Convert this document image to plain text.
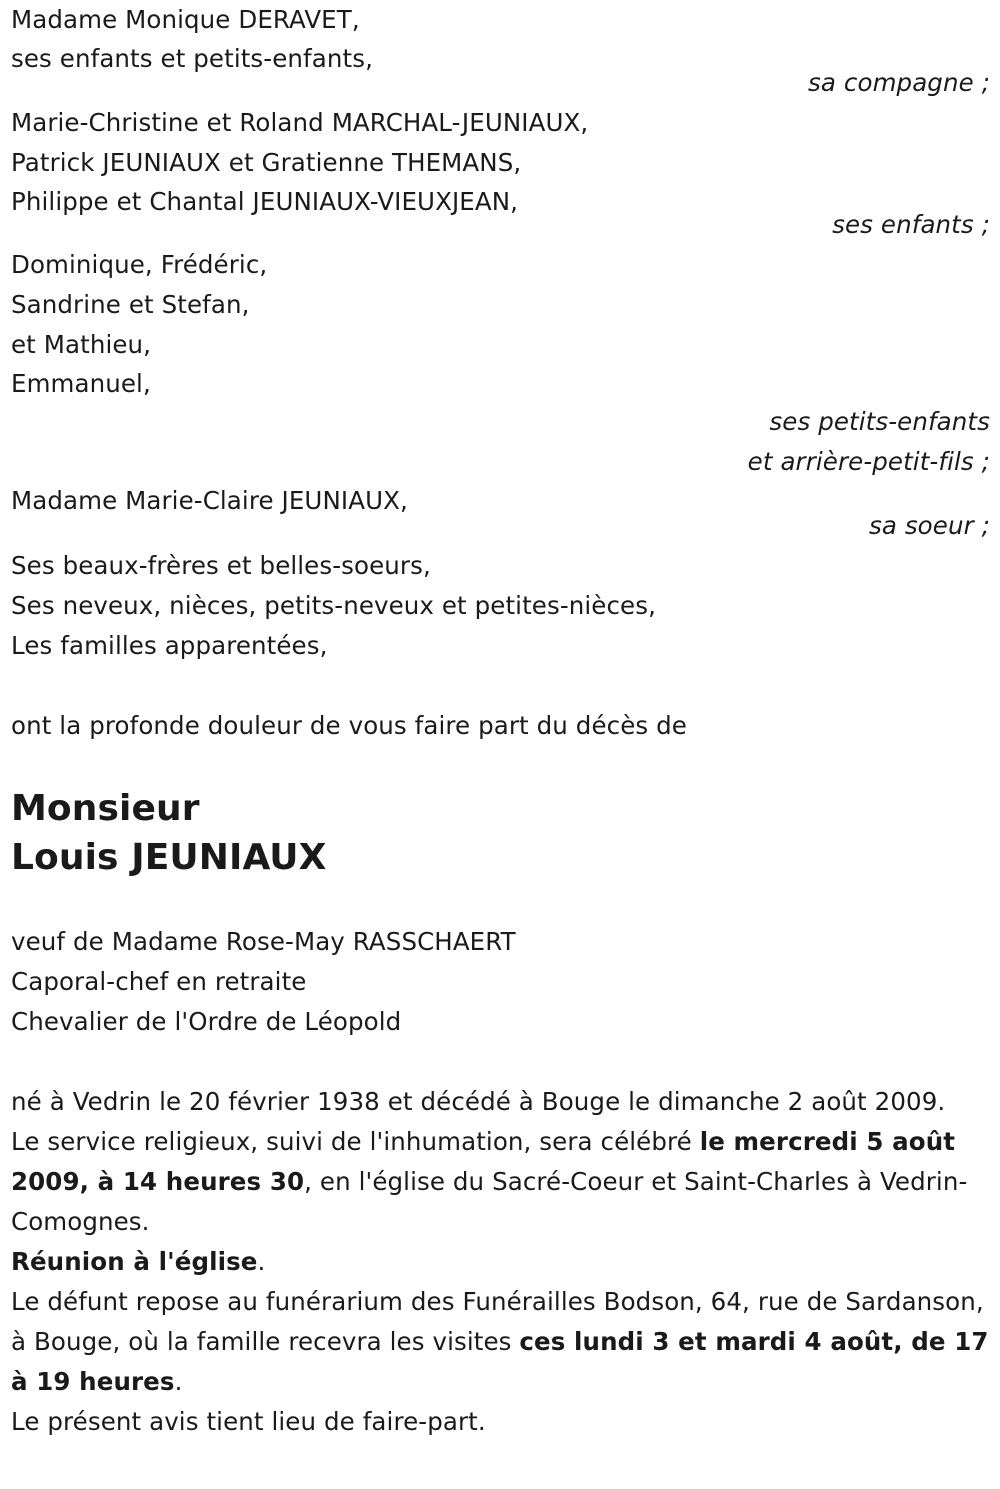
Madame Monique DERAVET,
ses enfants et petits-enfants,
sa compagne ;
Marie-Christine et Roland MARCHAL-JEUNIAUX,
Patrick JEUNIAUX et Gratienne THEMANS,
Philippe et Chantal JEUNIAUX-VIEUXJEAN,
ses enfants ;
Dominique, Frédéric,
Sandrine et Stefan,
et Mathieu,
Emmanuel,
ses petits-enfants
et arrière-petit-fils ;
Madame Marie-Claire JEUNIAUX,
sa soeur ;
Ses beaux-frères et belles-soeurs,
Ses neveux, nièces, petits-neveux et petites-nièces,
Les familles apparentées,
ont la profonde douleur de vous faire part du décès de
Monsieur
Louis JEUNIAUX
veuf de Madame Rose-May RASSCHAERT
Caporal-chef en retraite
Chevalier de l'Ordre de Léopold
né à Vedrin le 20 février 1938 et décédé à Bouge le dimanche 2 août 2009.
Le service religieux, suivi de l'inhumation, sera célébré le mercredi 5 août 2009, à 14 heures 30, en l'église du Sacré-Coeur et Saint-Charles à Vedrin-Comognes.
Réunion à l'église.
Le défunt repose au funérarium des Funérailles Bodson, 64, rue de Sardanson, à Bouge, où la famille recevra les visites ces lundi 3 et mardi 4 août, de 17 à 19 heures.
Le présent avis tient lieu de faire-part.
